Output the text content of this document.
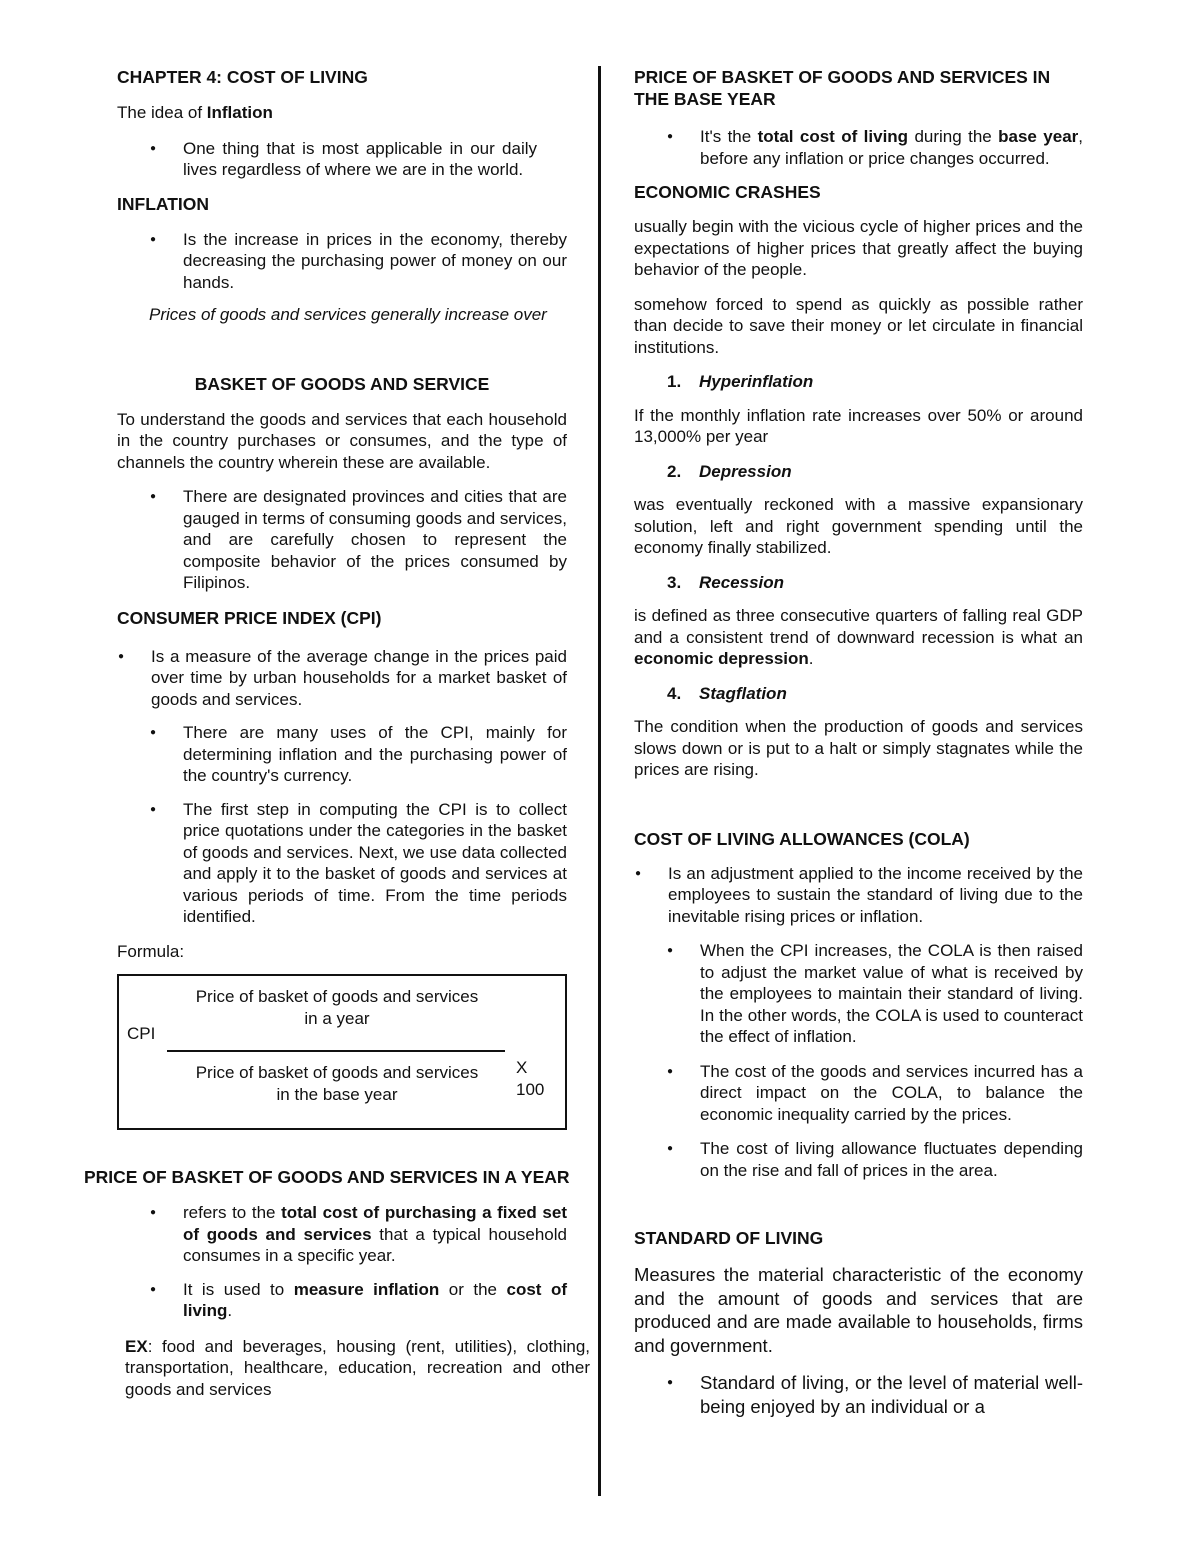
CHAPTER 4: COST OF LIVING

The idea of Inflation

● One thing that is most applicable in our daily lives regardless of where we are in the world.
INFLATION
● Is the increase in prices in the economy, thereby decreasing the purchasing power of money on our hands.

Prices of goods and services generally increase over

BASKET OF GOODS AND SERVICE

To understand the goods and services that each household in the country purchases or consumes, and the type of channels the country wherein these are available.

● There are designated provinces and cities that are gauged in terms of consuming goods and services, and are carefully chosen to represent the composite behavior of the prices consumed by Filipinos.
CONSUMER PRICE INDEX (CPI)
● Is a measure of the average change in the prices paid over time by urban households for a market basket of goods and services.
● There are many uses of the CPI, mainly for determining inflation and the purchasing power of the country's currency.
● The first step in computing the CPI is to collect price quotations under the categories in the basket of goods and services. Next, we use data collected and apply it to the basket of goods and services at various periods of time. From the time periods identified.

Formula:

CPI
Price of basket of goods and services
in a year
Price of basket of goods and services
in the base year
X
100
PRICE OF BASKET OF GOODS AND SERVICES IN A YEAR
● refers to the total cost of purchasing a fixed set of goods and services that a typical household consumes in a specific year.
● It is used to measure inflation or the cost of living.

EX: food and beverages, housing (rent, utilities), clothing, transportation, healthcare, education, recreation and other goods and services

PRICE OF BASKET OF GOODS AND SERVICES IN THE BASE YEAR
● It's the total cost of living during the base year, before any inflation or price changes occurred.
ECONOMIC CRASHES

usually begin with the vicious cycle of higher prices and the expectations of higher prices that greatly affect the buying behavior of the people.

somehow forced to spend as quickly as possible rather than decide to save their money or let circulate in financial institutions.

1. Hyperinflation

If the monthly inflation rate increases over 50% or around 13,000% per year

2. Depression

was eventually reckoned with a massive expansionary solution, left and right government spending until the economy finally stabilized.

3. Recession

is defined as three consecutive quarters of falling real GDP and a consistent trend of downward recession is what an economic depression.

4. Stagflation

The condition when the production of goods and services slows down or is put to a halt or simply stagnates while the prices are rising.

COST OF LIVING ALLOWANCES (COLA)
● Is an adjustment applied to the income received by the employees to sustain the standard of living due to the inevitable rising prices or inflation.
● When the CPI increases, the COLA is then raised to adjust the market value of what is received by the employees to maintain their standard of living. In the other words, the COLA is used to counteract the effect of inflation.
● The cost of the goods and services incurred has a direct impact on the COLA, to balance the economic inequality carried by the prices.
● The cost of living allowance fluctuates depending on the rise and fall of prices in the area.
STANDARD OF LIVING

Measures the material characteristic of the economy and the amount of goods and services that are produced and are made available to households, firms and government.

● Standard of living, or the level of material well-being enjoyed by an individual or a
